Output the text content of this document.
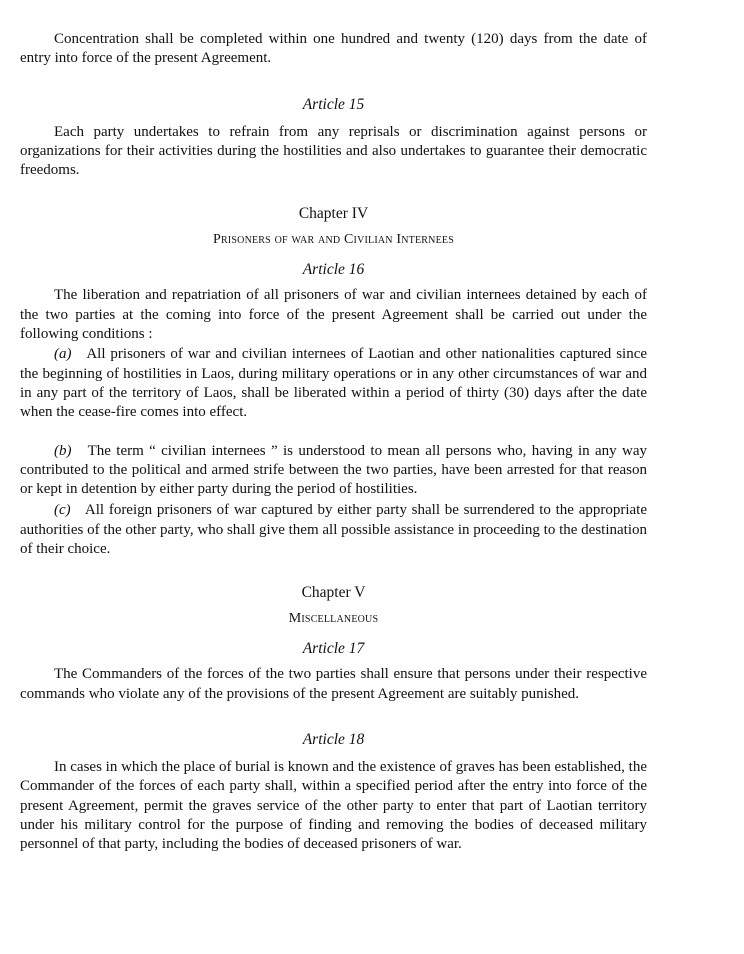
Concentration shall be completed within one hundred and twenty (120) days from the date of entry into force of the present Agreement.

Article 15

Each party undertakes to refrain from any reprisals or discrimination against persons or organizations for their activities during the hostilities and also undertakes to guarantee their democratic freedoms.

Chapter IV

Prisoners of war and Civilian Internees

Article 16

The liberation and repatriation of all prisoners of war and civilian internees detained by each of the two parties at the coming into force of the present Agreement shall be carried out under the following conditions :

(a) All prisoners of war and civilian internees of Laotian and other nationalities captured since the beginning of hostilities in Laos, during military operations or in any other circumstances of war and in any part of the territory of Laos, shall be liberated within a period of thirty (30) days after the date when the cease-fire comes into effect.

(b) The term “ civilian internees ” is understood to mean all persons who, having in any way contributed to the political and armed strife between the two parties, have been arrested for that reason or kept in detention by either party during the period of hostilities.

(c) All foreign prisoners of war captured by either party shall be surrendered to the appropriate authorities of the other party, who shall give them all possible assistance in proceeding to the destination of their choice.

Chapter V

Miscellaneous

Article 17

The Commanders of the forces of the two parties shall ensure that persons under their respective commands who violate any of the provisions of the present Agreement are suitably punished.

Article 18

In cases in which the place of burial is known and the existence of graves has been established, the Commander of the forces of each party shall, within a specified period after the entry into force of the present Agreement, permit the graves service of the other party to enter that part of Laotian territory under his military control for the purpose of finding and removing the bodies of deceased military personnel of that party, including the bodies of deceased prisoners of war.
